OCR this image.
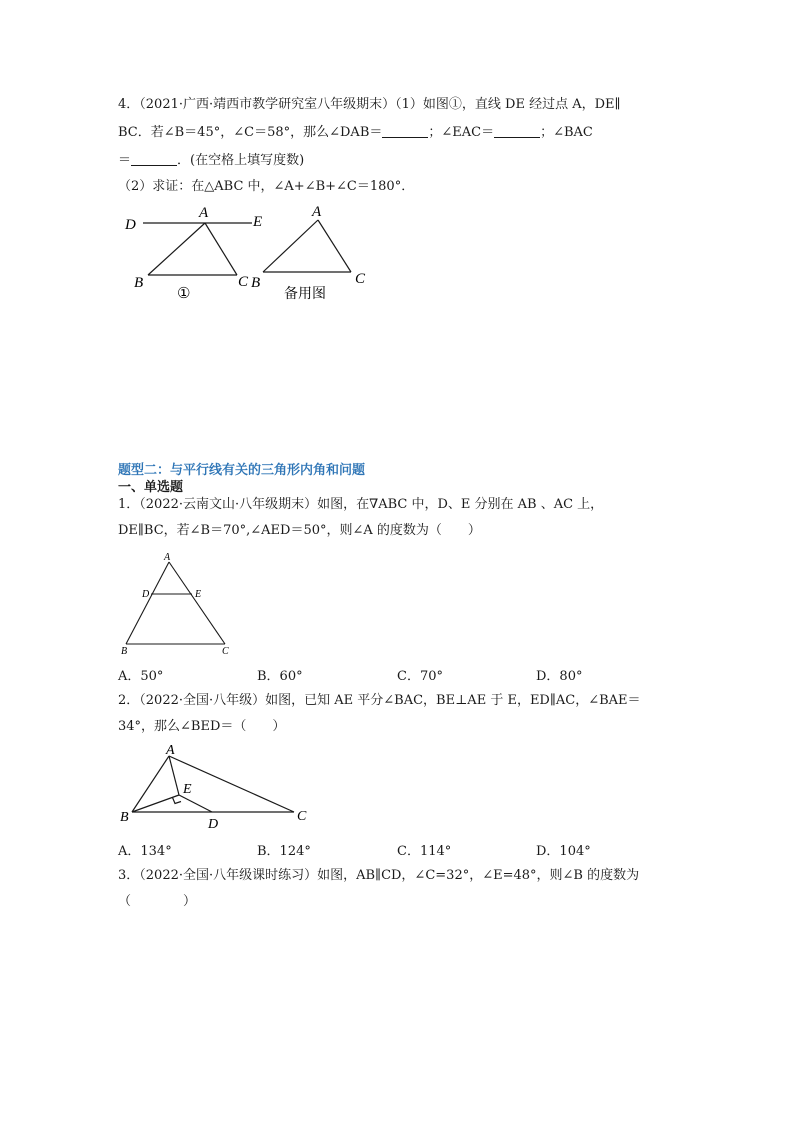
4．（2021·广西·靖西市教学研究室八年级期末）（1）如图①，直线 DE 经过点 A，DE∥
BC．若∠B＝45°，∠C＝58°，那么∠DAB＝	；∠EAC＝	；∠BAC
＝	．(在空格上填写度数)
（2）求证：在△ABC 中，∠A+∠B+∠C＝180°．
D
A
E
B	C
①
A
B	C
备用图
题型二：与平行线有关的三角形内角和问题
一、单选题
1．（2022·云南文山·八年级期末）如图，在∇ABC 中，D、E 分别在 AB 、AC 上，
DE∥BC，若∠B＝70°,∠AED＝50°，则∠A 的度数为（　　）
A
D	E
B	C
A．50°	B．60°	C．70°	D．80°
2．（2022·全国·八年级）如图，已知 AE 平分∠BAC，BE⊥AE 于 E，ED∥AC，∠BAE＝
34°，那么∠BED＝（　　）
A
E
B	D
C
A．134°	B．124°	C．114°	D．104°
3．（2022·全国·八年级课时练习）如图，AB∥CD，∠C=32°，∠E=48°，则∠B 的度数为
（　　　　）
